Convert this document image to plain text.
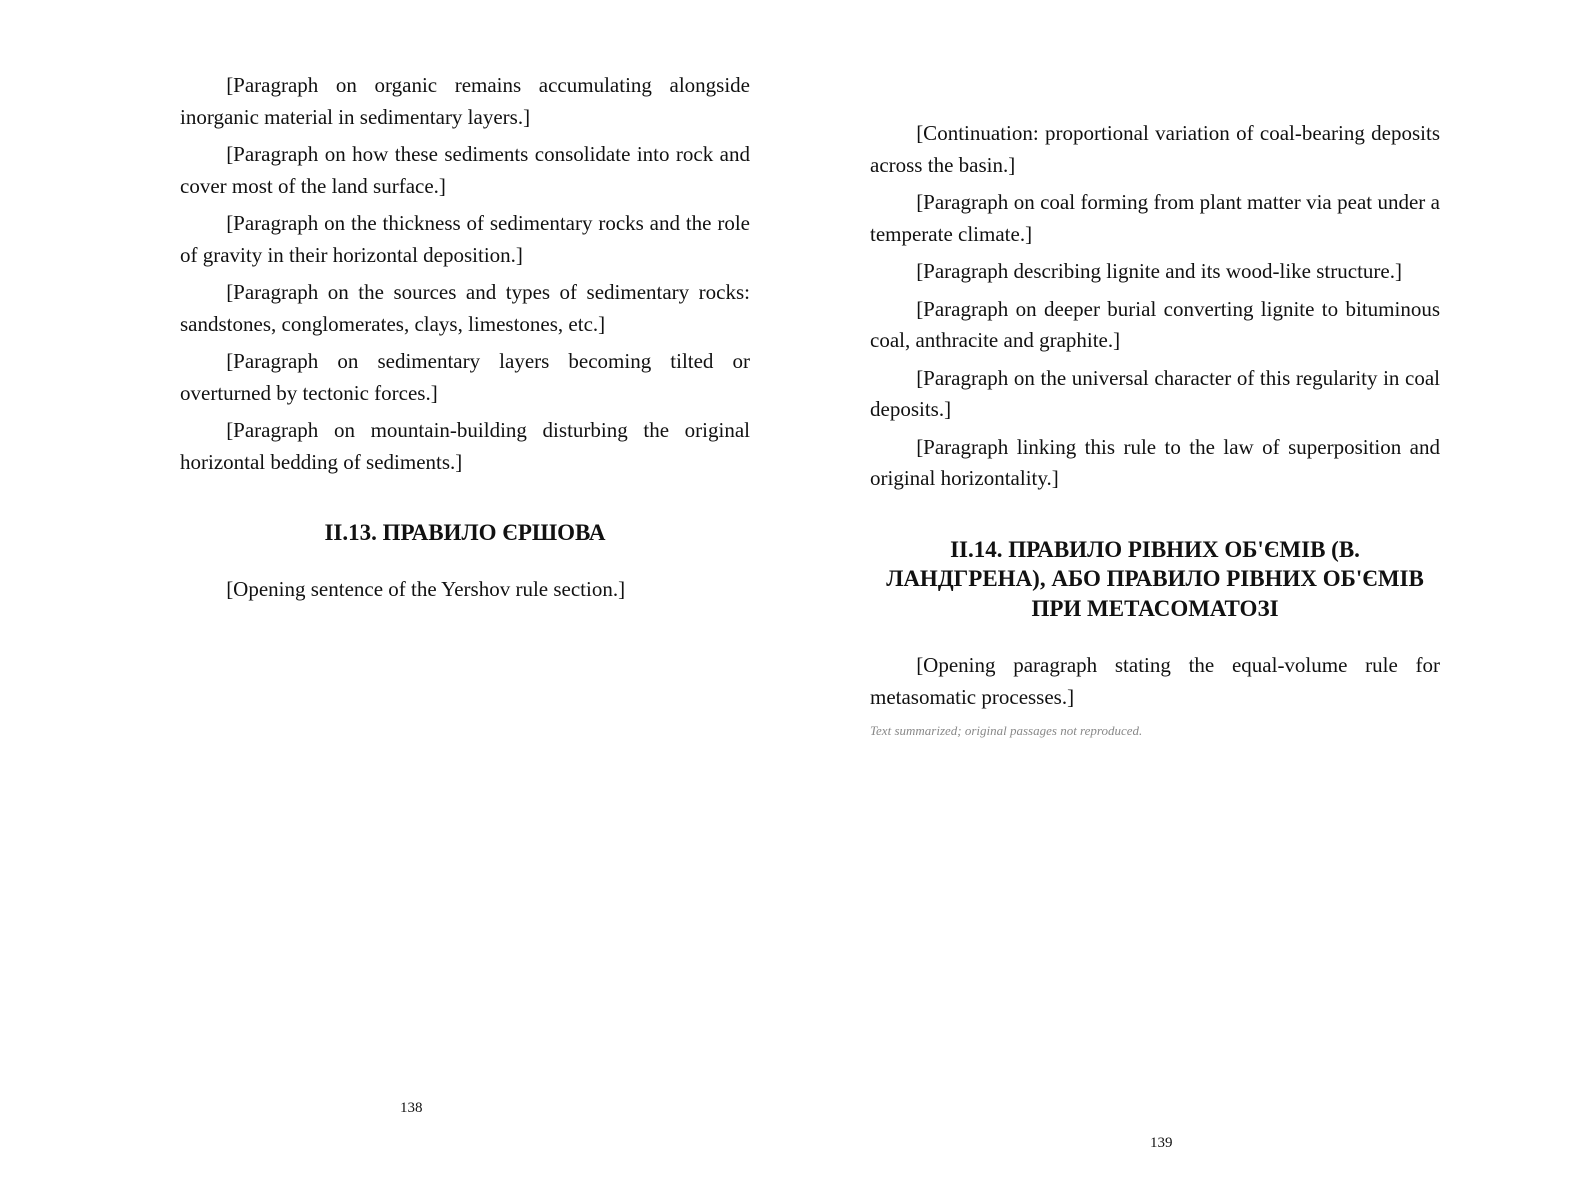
[Paragraph on organic remains accumulating alongside inorganic material in sedimentary layers.]

[Paragraph on how these sediments consolidate into rock and cover most of the land surface.]

[Paragraph on the thickness of sedimentary rocks and the role of gravity in their horizontal deposition.]

[Paragraph on the sources and types of sedimentary rocks: sandstones, conglomerates, clays, limestones, etc.]

[Paragraph on sedimentary layers becoming tilted or overturned by tectonic forces.]

[Paragraph on mountain-building disturbing the original horizontal bedding of sediments.]

II.13. ПРАВИЛО ЄРШОВА

[Opening sentence of the Yershov rule section.]

138

[Continuation: proportional variation of coal-bearing deposits across the basin.]

[Paragraph on coal forming from plant matter via peat under a temperate climate.]

[Paragraph describing lignite and its wood-like structure.]

[Paragraph on deeper burial converting lignite to bituminous coal, anthracite and graphite.]

[Paragraph on the universal character of this regularity in coal deposits.]

[Paragraph linking this rule to the law of superposition and original horizontality.]

II.14. ПРАВИЛО РІВНИХ ОБ'ЄМІВ (В. ЛАНДГРЕНА), АБО ПРАВИЛО РІВНИХ ОБ'ЄМІВ ПРИ МЕТАСОМАТОЗІ

[Opening paragraph stating the equal-volume rule for metasomatic processes.]

Text summarized; original passages not reproduced.

139
